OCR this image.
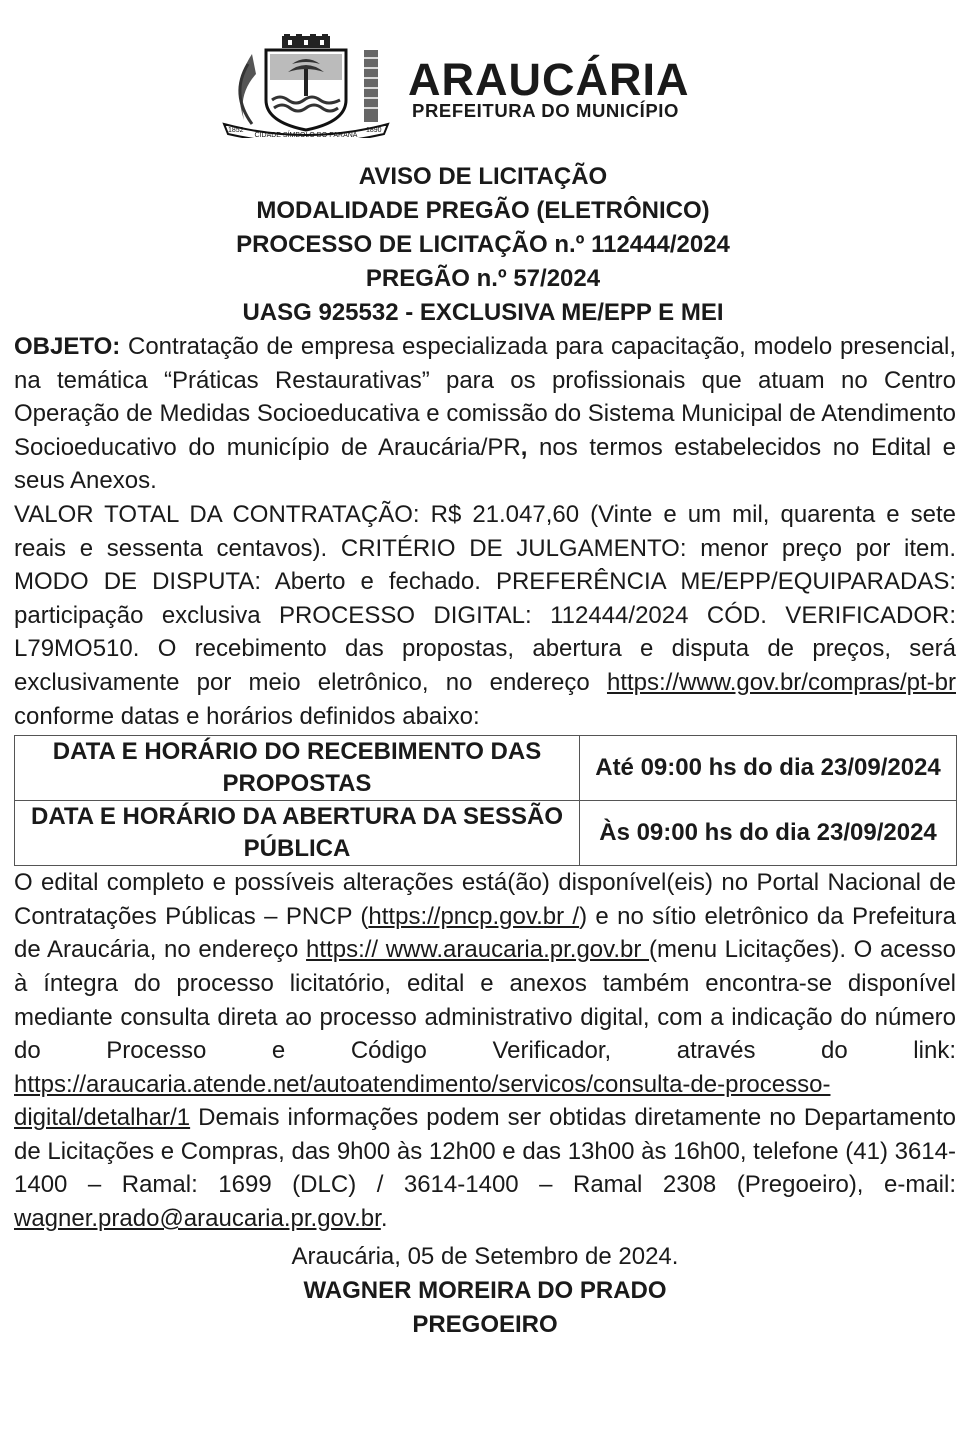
1852
CIDADE SÍMBOLO DO PARANÁ
1890
ARAUCÁRIA
PREFEITURA DO MUNICÍPIO
AVISO DE LICITAÇÃO
MODALIDADE PREGÃO (ELETRÔNICO)
PROCESSO DE LICITAÇÃO n.º 112444/2024
PREGÃO n.º 57/2024
UASG 925532 - EXCLUSIVA ME/EPP E MEI

OBJETO: Contratação de empresa especializada para capacitação, modelo presencial, na temática “Práticas Restaurativas” para os profissionais que atuam no Centro Operação de Medidas Socioeducativa e comissão do Sistema Municipal de Atendimento Socioeducativo do município de Araucária/PR, nos termos estabelecidos no Edital e seus Anexos.

VALOR TOTAL DA CONTRATAÇÃO: R$ 21.047,60 (Vinte e um mil, quarenta e sete reais e sessenta centavos). CRITÉRIO DE JULGAMENTO: menor preço por item. MODO DE DISPUTA: Aberto e fechado. PREFERÊNCIA ME/EPP/EQUIPARADAS: participação exclusiva PROCESSO DIGITAL: 112444/2024 CÓD. VERIFICADOR: L79MO510. O recebimento das propostas, abertura e disputa de preços, será exclusivamente por meio eletrônico, no endereço https://www.gov.br/compras/pt-br conforme datas e horários definidos abaixo:

DATA E HORÁRIO DO RECEBIMENTO DAS PROPOSTAS	Até 09:00 hs do dia 23/09/2024
DATA E HORÁRIO DA ABERTURA DA SESSÃO PÚBLICA	Às 09:00 hs do dia 23/09/2024

O edital completo e possíveis alterações está(ão) disponível(eis) no Portal Nacional de Contratações Públicas – PNCP (https://pncp.gov.br /) e no sítio eletrônico da Prefeitura de Araucária, no endereço https:// www.araucaria.pr.gov.br (menu Licitações). O acesso à íntegra do processo licitatório, edital e anexos também encontra-se disponível mediante consulta direta ao processo administrativo digital, com a indicação do número do Processo e Código Verificador, através do link: https://araucaria.atende.net/autoatendimento/servicos/consulta-de-processo-digital/detalhar/1 Demais informações podem ser obtidas diretamente no Departamento de Licitações e Compras, das 9h00 às 12h00 e das 13h00 às 16h00, telefone (41) 3614-1400 – Ramal: 1699 (DLC) / 3614-1400 – Ramal 2308 (Pregoeiro), e-mail: wagner.prado@araucaria.pr.gov.br.

Araucária, 05 de Setembro de 2024.
WAGNER MOREIRA DO PRADO
PREGOEIRO
